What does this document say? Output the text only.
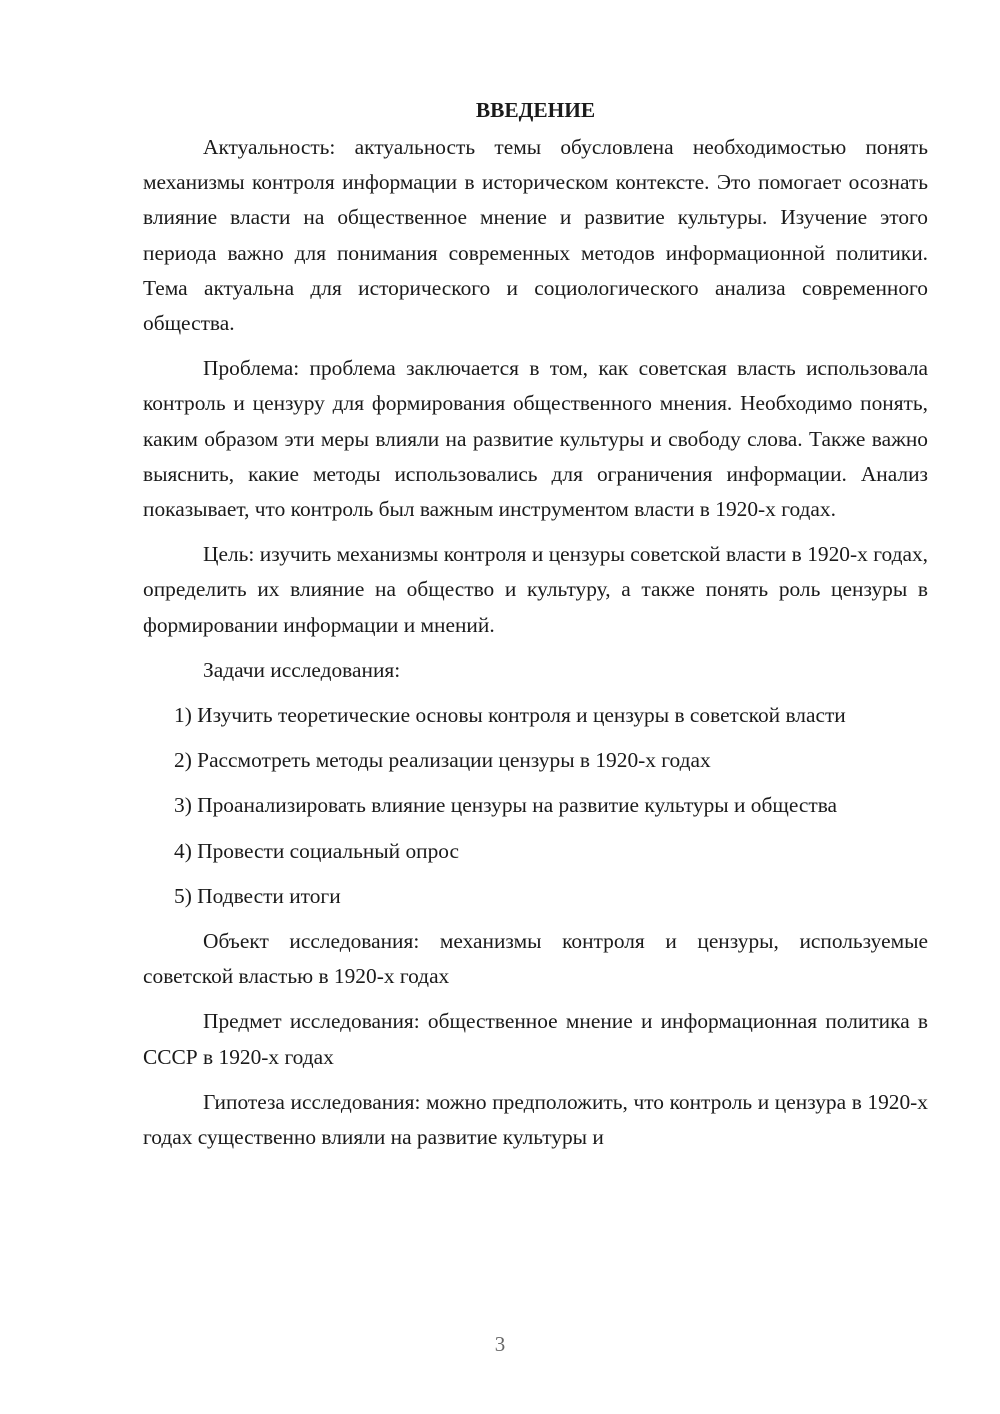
ВВЕДЕНИЕ

Актуальность: актуальность темы обусловлена необходимостью понять механизмы контроля информации в историческом контексте. Это помогает осознать влияние власти на общественное мнение и развитие культуры. Изучение этого периода важно для понимания современных методов информационной политики. Тема актуальна для исторического и социологического анализа современного общества.

Проблема: проблема заключается в том, как советская власть использовала контроль и цензуру для формирования общественного мнения. Необходимо понять, каким образом эти меры влияли на развитие культуры и свободу слова. Также важно выяснить, какие методы использовались для ограничения информации. Анализ показывает, что контроль был важным инструментом власти в 1920-х годах.

Цель: изучить механизмы контроля и цензуры советской власти в 1920-х годах, определить их влияние на общество и культуру, а также понять роль цензуры в формировании информации и мнений.

Задачи исследования:

1) Изучить теоретические основы контроля и цензуры в советской власти

2) Рассмотреть методы реализации цензуры в 1920-х годах

3) Проанализировать влияние цензуры на развитие культуры и общества

4) Провести социальный опрос

5) Подвести итоги

Объект исследования: механизмы контроля и цензуры, используемые советской властью в 1920-х годах

Предмет исследования: общественное мнение и информационная политика в СССР в 1920-х годах

Гипотеза исследования: можно предположить, что контроль и цензура в 1920-х годах существенно влияли на развитие культуры и

3
